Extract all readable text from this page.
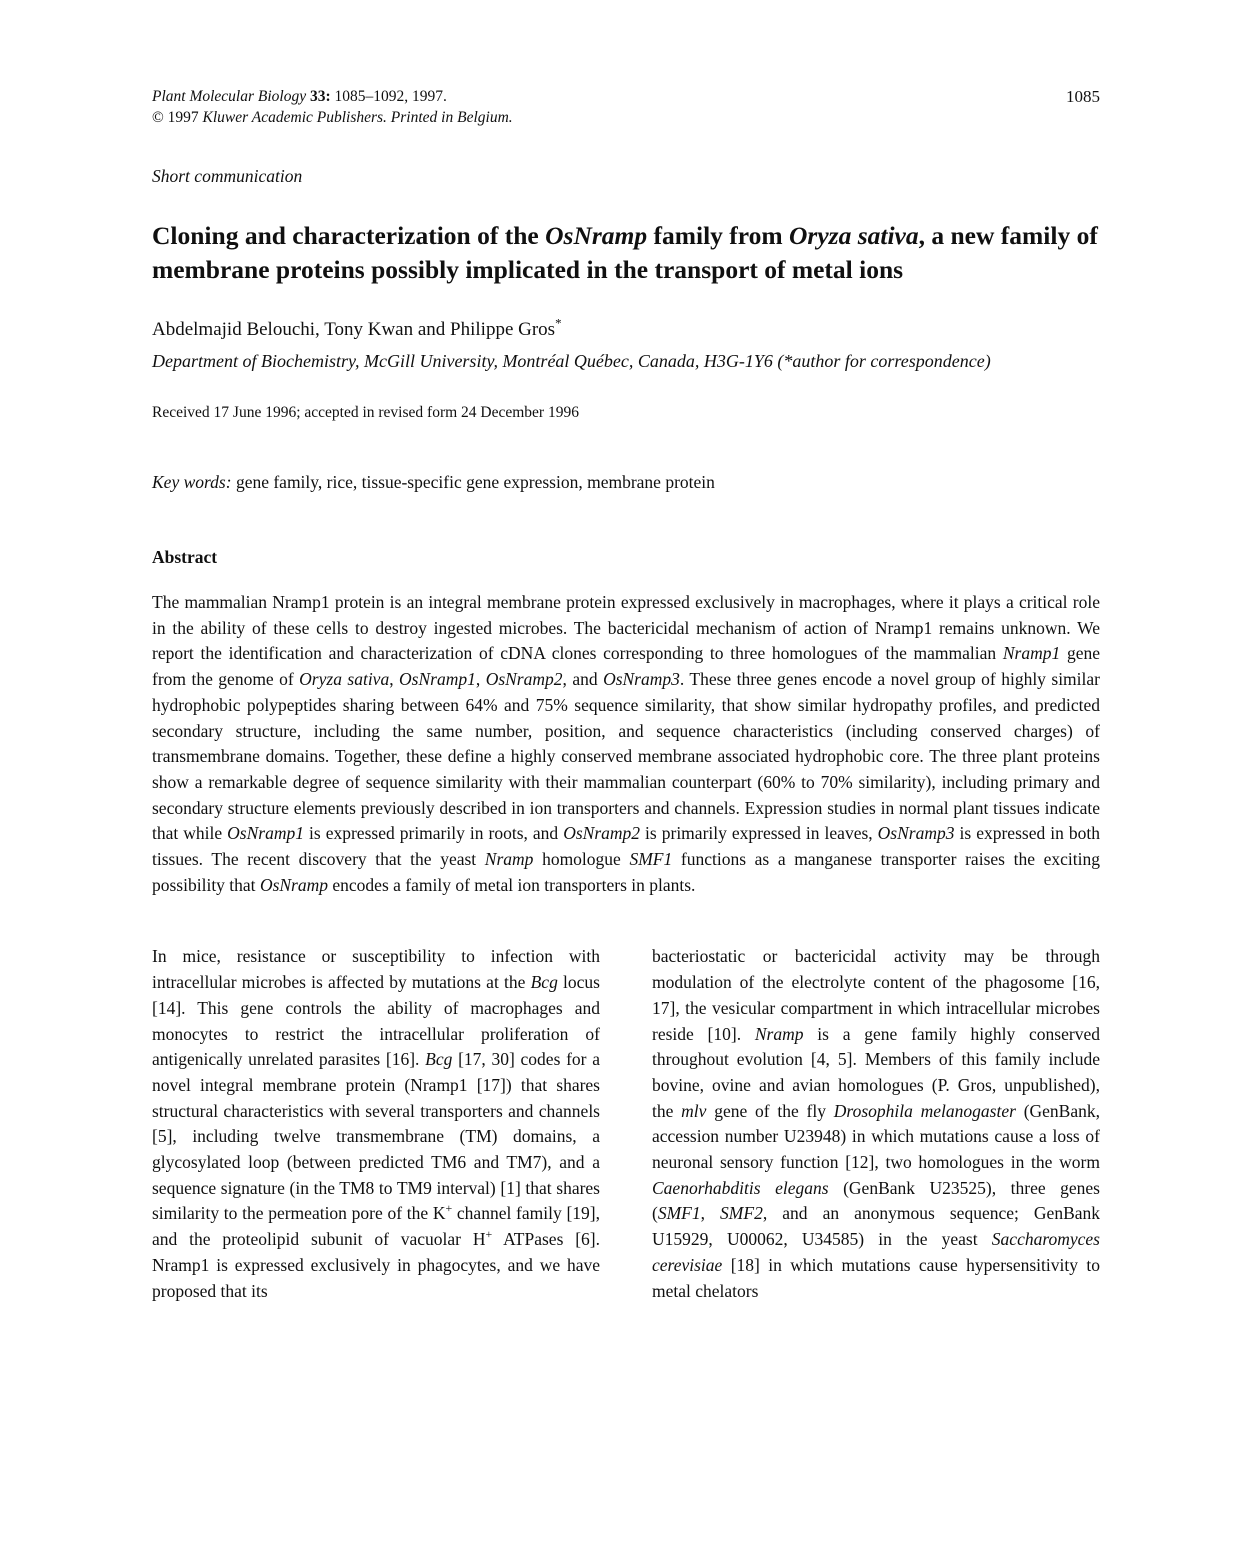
Plant Molecular Biology 33: 1085–1092, 1997.
© 1997 Kluwer Academic Publishers. Printed in Belgium.
1085
Short communication
Cloning and characterization of the OsNramp family from Oryza sativa, a new family of membrane proteins possibly implicated in the transport of metal ions
Abdelmajid Belouchi, Tony Kwan and Philippe Gros*
Department of Biochemistry, McGill University, Montréal Québec, Canada, H3G-1Y6 (*author for correspondence)
Received 17 June 1996; accepted in revised form 24 December 1996
Key words: gene family, rice, tissue-specific gene expression, membrane protein
Abstract

The mammalian Nramp1 protein is an integral membrane protein expressed exclusively in macrophages, where it plays a critical role in the ability of these cells to destroy ingested microbes. The bactericidal mechanism of action of Nramp1 remains unknown. We report the identification and characterization of cDNA clones corresponding to three homologues of the mammalian Nramp1 gene from the genome of Oryza sativa, OsNramp1, OsNramp2, and OsNramp3. These three genes encode a novel group of highly similar hydrophobic polypeptides sharing between 64% and 75% sequence similarity, that show similar hydropathy profiles, and predicted secondary structure, including the same number, position, and sequence characteristics (including conserved charges) of transmembrane domains. Together, these define a highly conserved membrane associated hydrophobic core. The three plant proteins show a remarkable degree of sequence similarity with their mammalian counterpart (60% to 70% similarity), including primary and secondary structure elements previously described in ion transporters and channels. Expression studies in normal plant tissues indicate that while OsNramp1 is expressed primarily in roots, and OsNramp2 is primarily expressed in leaves, OsNramp3 is expressed in both tissues. The recent discovery that the yeast Nramp homologue SMF1 functions as a manganese transporter raises the exciting possibility that OsNramp encodes a family of metal ion transporters in plants.

In mice, resistance or susceptibility to infection with intracellular microbes is affected by mutations at the Bcg locus [14]. This gene controls the ability of macrophages and monocytes to restrict the intracellular proliferation of antigenically unrelated parasites [16]. Bcg [17, 30] codes for a novel integral membrane protein (Nramp1 [17]) that shares structural characteristics with several transporters and channels [5], including twelve transmembrane (TM) domains, a glycosylated loop (between predicted TM6 and TM7), and a sequence signature (in the TM8 to TM9 interval) [1] that shares similarity to the permeation pore of the K+ channel family [19], and the proteolipid subunit of vacuolar H+ ATPases [6]. Nramp1 is expressed exclusively in phagocytes, and we have proposed that its

bacteriostatic or bactericidal activity may be through modulation of the electrolyte content of the phagosome [16, 17], the vesicular compartment in which intracellular microbes reside [10]. Nramp is a gene family highly conserved throughout evolution [4, 5]. Members of this family include bovine, ovine and avian homologues (P. Gros, unpublished), the mlv gene of the fly Drosophila melanogaster (GenBank, accession number U23948) in which mutations cause a loss of neuronal sensory function [12], two homologues in the worm Caenorhabditis elegans (GenBank U23525), three genes (SMF1, SMF2, and an anonymous sequence; GenBank U15929, U00062, U34585) in the yeast Saccharomyces cerevisiae [18] in which mutations cause hypersensitivity to metal chelators
